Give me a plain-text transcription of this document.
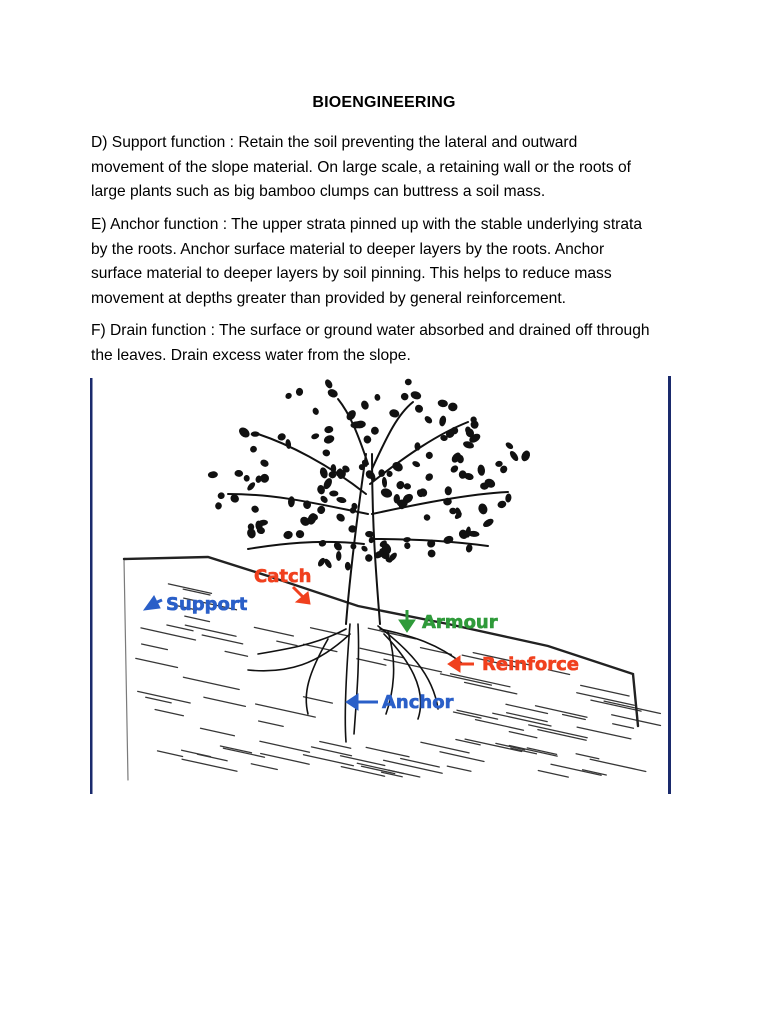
BIOENGINEERING

D) Support function : Retain the soil preventing the lateral and outward

movement of the slope material. On large scale, a retaining wall or the roots of

large plants such as big bamboo clumps can buttress a soil mass.

E) Anchor function : The upper strata pinned up with the stable underlying strata

by the roots. Anchor surface material to deeper layers by the roots. Anchor

surface material to deeper layers by soil pinning. This helps to reduce mass

movement at depths greater than provided by general reinforcement.

F) Drain function : The surface or ground water absorbed and drained off through

the leaves. Drain excess water from the slope.

Catch
Support
Armour
Reinforce
Anchor
